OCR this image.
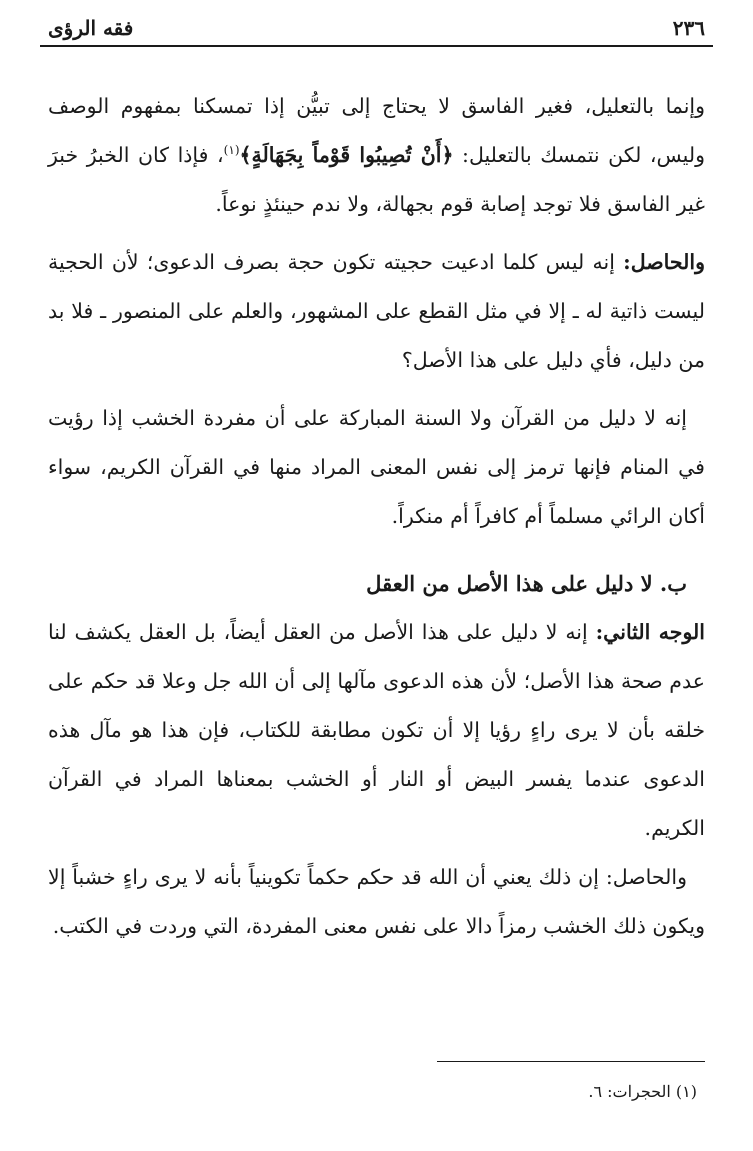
٢٣٦
فقه الرؤى

وإنما بالتعليل، فغير الفاسق لا يحتاج إلى تبيُّن إذا تمسكنا بمفهوم الوصف وليس، لكن نتمسك بالتعليل: ﴿أَنْ تُصِيبُوا قَوْماً بِجَهَالَةٍ﴾$^{(١)}$، فإذا كان الخبرُ خبرَ غير الفاسق فلا توجد إصابة قوم بجهالة، ولا ندم حينئذٍ نوعاً.

والحاصل: إنه ليس كلما ادعيت حجيته تكون حجة بصرف الدعوى؛ لأن الحجية ليست ذاتية له ـ إلا في مثل القطع على المشهور، والعلم على المنصور ـ فلا بد من دليل، فأي دليل على هذا الأصل؟

إنه لا دليل من القرآن ولا السنة المباركة على أن مفردة الخشب إذا رؤيت في المنام فإنها ترمز إلى نفس المعنى المراد منها في القرآن الكريم، سواء أكان الرائي مسلماً أم كافراً أم منكراً.

ب. لا دليل على هذا الأصل من العقل

الوجه الثاني: إنه لا دليل على هذا الأصل من العقل أيضاً، بل العقل يكشف لنا عدم صحة هذا الأصل؛ لأن هذه الدعوى مآلها إلى أن الله جل وعلا قد حكم على خلقه بأن لا يرى راءٍ رؤيا إلا أن تكون مطابقة للكتاب، فإن هذا هو مآل هذه الدعوى عندما يفسر البيض أو النار أو الخشب بمعناها المراد في القرآن الكريم.

والحاصل: إن ذلك يعني أن الله قد حكم حكماً تكوينياً بأنه لا يرى راءٍ خشباً إلا ويكون ذلك الخشب رمزاً دالا على نفس معنى المفردة، التي وردت في الكتب.

(١) الحجرات: ٦.
